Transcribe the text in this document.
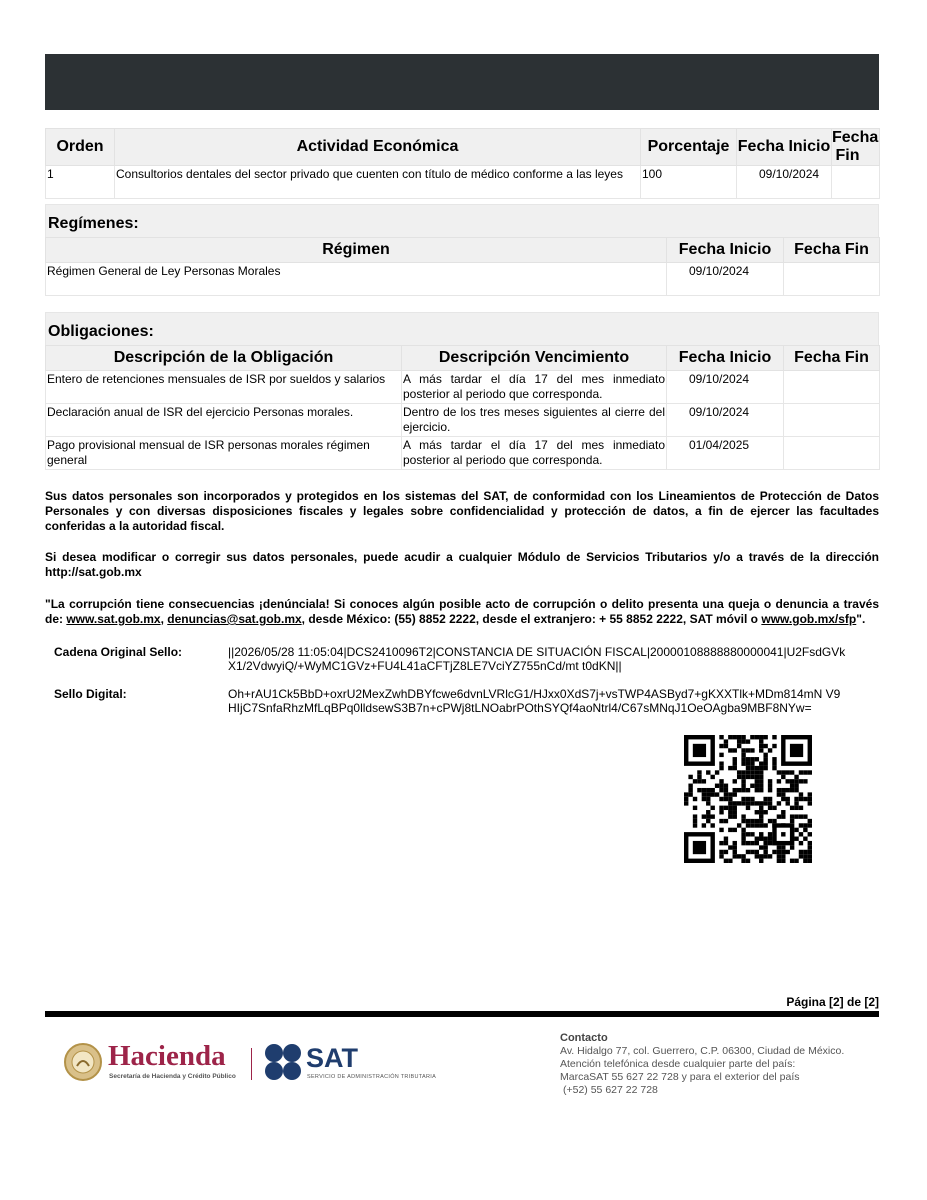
Orden	Actividad Económica	Porcentaje	Fecha Inicio	Fecha Fin
1	Consultorios dentales del sector privado que cuenten con título de médico conforme a las leyes	100	09/10/2024	
Regímenes:
Régimen	Fecha Inicio	Fecha Fin
Régimen General de Ley Personas Morales	09/10/2024	
Obligaciones:
Descripción de la Obligación	Descripción Vencimiento	Fecha Inicio	Fecha Fin
Entero de retenciones mensuales de ISR por sueldos y salarios	A más tardar el día 17 del mes inmediato posterior al periodo que corresponda.	09/10/2024	
Declaración anual de ISR del ejercicio Personas morales.	Dentro de los tres meses siguientes al cierre del ejercicio.	09/10/2024	
Pago provisional mensual de ISR personas morales régimen general	A más tardar el día 17 del mes inmediato posterior al periodo que corresponda.	01/04/2025	
Sus datos personales son incorporados y protegidos en los sistemas del SAT, de conformidad con los Lineamientos de Protección de Datos Personales y con diversas disposiciones fiscales y legales sobre confidencialidad y protección de datos, a fin de ejercer las facultades conferidas a la autoridad fiscal.
Si desea modificar o corregir sus datos personales, puede acudir a cualquier Módulo de Servicios Tributarios y/o a través de la dirección http://sat.gob.mx
"La corrupción tiene consecuencias ¡denúnciala! Si conoces algún posible acto de corrupción o delito presenta una queja o denuncia a través de: www.sat.gob.mx, denuncias@sat.gob.mx, desde México: (55) 8852 2222, desde el extranjero: + 55 8852 2222, SAT móvil o www.gob.mx/sfp".
Cadena Original Sello:	||2026/05/28 11:05:04|DCS2410096T2|CONSTANCIA DE SITUACIÓN FISCAL|20000108888880000041|U2FsdGVkX1/2VdwyiQ/+WyMC1GVz+FU4L41aCFTjZ8LE7VciYZ755nCd/mt t0dKN||
Sello Digital:	Oh+rAU1Ck5BbD+oxrU2MexZwhDBYfcwe6dvnLVRlcG1/HJxx0XdS7j+vsTWP4ASByd7+gKXXTlk+MDm814mN V9HIjC7SnfaRhzMfLqBPq0lldsewS3B7n+cPWj8tLNOabrPOthSYQf4aoNtrl4/C67sMNqJ1OeOAgba9MBF8NYw=
Página [2] de [2]
Hacienda
Secretaría de Hacienda y Crédito Público
SAT
SERVICIO DE ADMINISTRACIÓN TRIBUTARIA
Contacto
Av. Hidalgo 77, col. Guerrero, C.P. 06300, Ciudad de México.
Atención telefónica desde cualquier parte del país:
MarcaSAT 55 627 22 728 y para el exterior del país
(+52) 55 627 22 728
